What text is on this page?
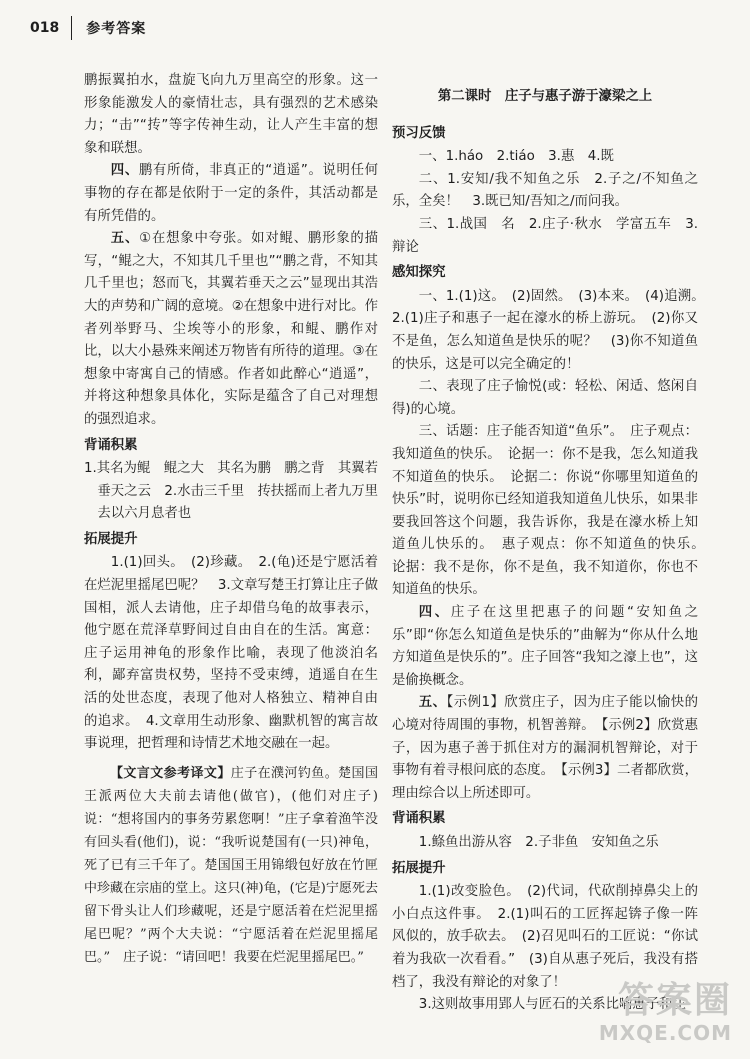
018 参考答案

鹏振翼拍水，盘旋飞向九万里高空的形象。这一形象能激发人的豪情壮志，具有强烈的艺术感染力；“击”“抟”等字传神生动，让人产生丰富的想象和联想。

四、鹏有所倚，非真正的“逍遥”。说明任何事物的存在都是依附于一定的条件，其活动都是有所凭借的。

五、①在想象中夸张。如对鲲、鹏形象的描写，“鲲之大，不知其几千里也”“鹏之背，不知其几千里也；怒而飞，其翼若垂天之云”显现出其浩大的声势和广阔的意境。②在想象中进行对比。作者列举野马、尘埃等小的形象，和鲲、鹏作对比，以大小悬殊来阐述万物皆有所待的道理。③在想象中寄寓自己的情感。作者如此醉心“逍遥”，并将这种想象具体化，实际是蕴含了自己对理想的强烈追求。

背诵积累

1.其名为鲲　鲲之大　其名为鹏　鹏之背　其翼若垂天之云　2.水击三千里　抟扶摇而上者九万里　去以六月息者也

拓展提升

1.(1)回头。　(2)珍藏。　2.(龟)还是宁愿活着在烂泥里摇尾巴呢？　3.文章写楚王打算让庄子做国相，派人去请他，庄子却借乌龟的故事表示，他宁愿在荒泽草野间过自由自在的生活。寓意：庄子运用神龟的形象作比喻，表现了他淡泊名利，鄙弃富贵权势，坚持不受束缚，逍遥自在生活的处世态度，表现了他对人格独立、精神自由的追求。　4.文章用生动形象、幽默机智的寓言故事说理，把哲理和诗情艺术地交融在一起。

【文言文参考译文】庄子在濮河钓鱼。楚国国王派两位大夫前去请他(做官)，(他们对庄子)说：“想将国内的事务劳累您啊！”庄子拿着渔竿没有回头看(他们)，说：“我听说楚国有(一只)神龟，死了已有三千年了。楚国国王用锦缎包好放在竹匣中珍藏在宗庙的堂上。这只(神)龟，(它是)宁愿死去留下骨头让人们珍藏呢，还是宁愿活着在烂泥里摇尾巴呢？”两个大夫说：“宁愿活着在烂泥里摇尾巴。”　庄子说：“请回吧！我要在烂泥里摇尾巴。”

第二课时　庄子与惠子游于濠梁之上

预习反馈

一、1.háo　2.tiáo　3.惠　4.既

二、1.安知/我不知鱼之乐　2.子之/不知鱼之乐，全矣！　3.既已知/吾知之/而问我。

三、1.战国　名　2.庄子·秋水　学富五车　3.辩论

感知探究

一、1.(1)这。　(2)固然。　(3)本来。　(4)追溯。　2.(1)庄子和惠子一起在濠水的桥上游玩。　(2)你又不是鱼，怎么知道鱼是快乐的呢？　(3)你不知道鱼的快乐，这是可以完全确定的！

二、表现了庄子愉悦(或：轻松、闲适、悠闲自得)的心境。

三、话题：庄子能否知道“鱼乐”。　庄子观点：我知道鱼的快乐。　论据一：你不是我，怎么知道我不知道鱼的快乐。　论据二：你说“你哪里知道鱼的快乐”时，说明你已经知道我知道鱼儿快乐，如果非要我回答这个问题，我告诉你，我是在濠水桥上知道鱼儿快乐的。　惠子观点：你不知道鱼的快乐。　论据：我不是你，你不是鱼，我不知道你，你也不知道鱼的快乐。

四、庄子在这里把惠子的问题“安知鱼之乐”即“你怎么知道鱼是快乐的”曲解为“你从什么地方知道鱼是快乐的”。庄子回答“我知之濠上也”，这是偷换概念。

五、【示例1】欣赏庄子，因为庄子能以愉快的心境对待周围的事物，机智善辩。　【示例2】欣赏惠子，因为惠子善于抓住对方的漏洞机智辩论，对于事物有着寻根问底的态度。　【示例3】二者都欣赏，理由综合以上所述即可。

背诵积累

1.鲦鱼出游从容　2.子非鱼　安知鱼之乐

拓展提升

1.(1)改变脸色。　(2)代词，代砍削掉鼻尖上的小白点这件事。　2.(1)叫石的工匠挥起锛子像一阵风似的，放手砍去。　(2)召见叫石的工匠说：“你试着为我砍一次看看。”　(3)自从惠子死后，我没有搭档了，我没有辩论的对象了！

3.这则故事用郢人与匠石的关系比喻惠子和庄

答案圈
MXQE.COM
